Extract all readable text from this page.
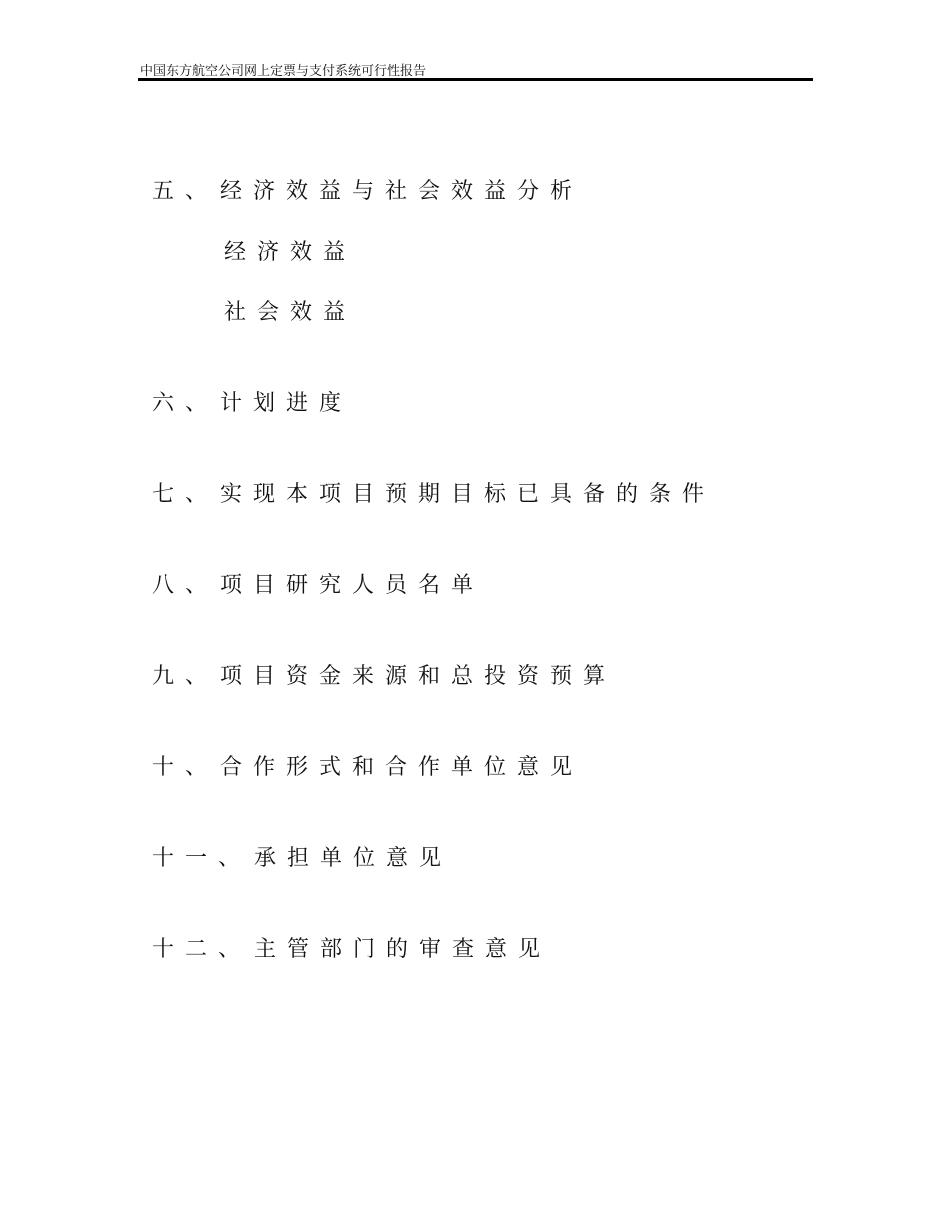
中国东方航空公司网上定票与支付系统可行性报告
五、经济效益与社会效益分析
经济效益
社会效益
六、计划进度
七、实现本项目预期目标已具备的条件
八、项目研究人员名单
九、项目资金来源和总投资预算
十、合作形式和合作单位意见
十一、 承担单位意见
十二、 主管部门的审查意见
